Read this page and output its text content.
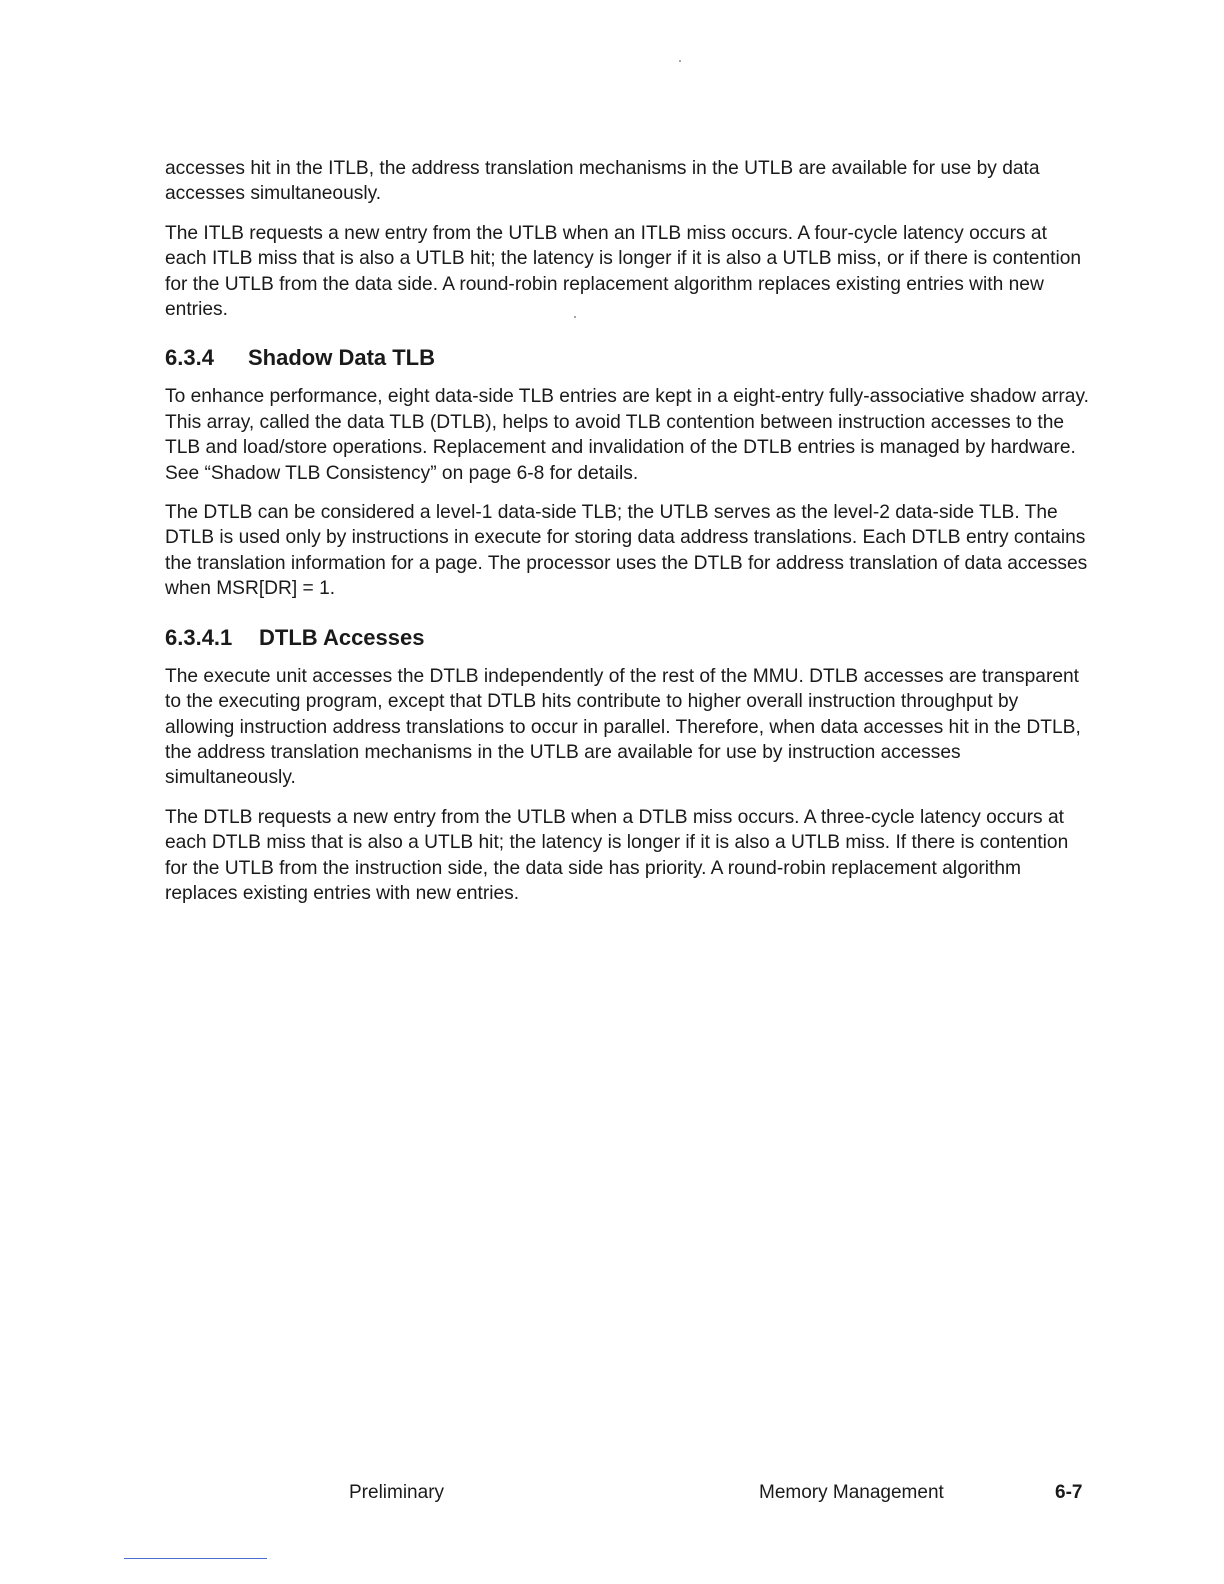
accesses hit in the ITLB, the address translation mechanisms in the UTLB are available for use by data accesses simultaneously.

The ITLB requests a new entry from the UTLB when an ITLB miss occurs. A four-cycle latency occurs at each ITLB miss that is also a UTLB hit; the latency is longer if it is also a UTLB miss, or if there is contention for the UTLB from the data side. A round-robin replacement algorithm replaces existing entries with new entries.

6.3.4 Shadow Data TLB

To enhance performance, eight data-side TLB entries are kept in a eight-entry fully-associative shadow array. This array, called the data TLB (DTLB), helps to avoid TLB contention between instruction accesses to the TLB and load/store operations. Replacement and invalidation of the DTLB entries is managed by hardware. See “Shadow TLB Consistency” on page 6-8 for details.

The DTLB can be considered a level-1 data-side TLB; the UTLB serves as the level-2 data-side TLB. The DTLB is used only by instructions in execute for storing data address translations. Each DTLB entry contains the translation information for a page. The processor uses the DTLB for address translation of data accesses when MSR[DR] = 1.

6.3.4.1 DTLB Accesses

The execute unit accesses the DTLB independently of the rest of the MMU. DTLB accesses are transparent to the executing program, except that DTLB hits contribute to higher overall instruction throughput by allowing instruction address translations to occur in parallel. Therefore, when data accesses hit in the DTLB, the address translation mechanisms in the UTLB are available for use by instruction accesses simultaneously.

The DTLB requests a new entry from the UTLB when a DTLB miss occurs. A three-cycle latency occurs at each DTLB miss that is also a UTLB hit; the latency is longer if it is also a UTLB miss. If there is contention for the UTLB from the instruction side, the data side has priority. A round-robin replacement algorithm replaces existing entries with new entries.

Preliminary	Memory Management	6-7
